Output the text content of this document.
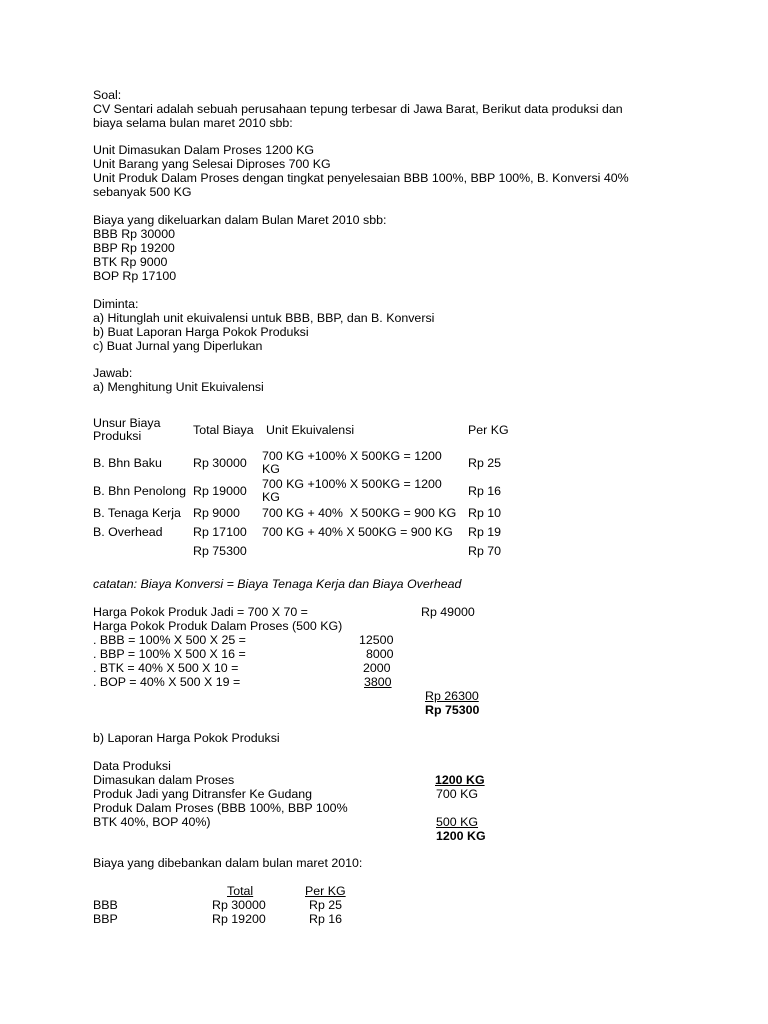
Soal:
CV Sentari adalah sebuah perusahaan tepung terbesar di Jawa Barat, Berikut data produksi dan
biaya selama bulan maret 2010 sbb:
Unit Dimasukan Dalam Proses 1200 KG
Unit Barang yang Selesai Diproses 700 KG
Unit Produk Dalam Proses dengan tingkat penyelesaian BBB 100%, BBP 100%, B. Konversi 40%
sebanyak 500 KG
Biaya yang dikeluarkan dalam Bulan Maret 2010 sbb:
BBB Rp 30000
BBP Rp 19200
BTK Rp 9000
BOP Rp 17100
Diminta:
a) Hitunglah unit ekuivalensi untuk BBB, BBP, dan B. Konversi
b) Buat Laporan Harga Pokok Produksi
c) Buat Jurnal yang Diperlukan
Jawab:
a) Menghitung Unit Ekuivalensi
Unsur Biaya Produksi	Total Biaya Unit Ekuivalensi	Per KG
B. Bhn Baku	Rp 30000 700 KG +100% X 500KG = 1200 KG	Rp 25
B. Bhn Penolong Rp 19000 700 KG +100% X 500KG = 1200 KG	Rp 16
B. Tenaga Kerja Rp 9000 700 KG + 40%  X 500KG = 900 KG Rp 10
B. Overhead Rp 17100 700 KG + 40% X 500KG = 900 KG Rp 19
Rp 75300	Rp 70
catatan: Biaya Konversi = Biaya Tenaga Kerja dan Biaya Overhead
Harga Pokok Produk Jadi = 700 X 70 =	Rp 49000
Harga Pokok Produk Dalam Proses (500 KG)
. BBB = 100% X 500 X 25 =	12500
. BBP = 100% X 500 X 16 =	8000
. BTK = 40% X 500 X 10 =	2000
. BOP = 40% X 500 X 19 =	3800
Rp 26300
Rp 75300
b) Laporan Harga Pokok Produksi
Data Produksi
Dimasukan dalam Proses	1200 KG
Produk Jadi yang Ditransfer Ke Gudang	700 KG
Produk Dalam Proses (BBB 100%, BBP 100%
BTK 40%, BOP 40%)	500 KG
1200 KG
Biaya yang dibebankan dalam bulan maret 2010:
Total	Per KG
BBB	Rp 30000	Rp 25
BBP	Rp 19200	Rp 16
